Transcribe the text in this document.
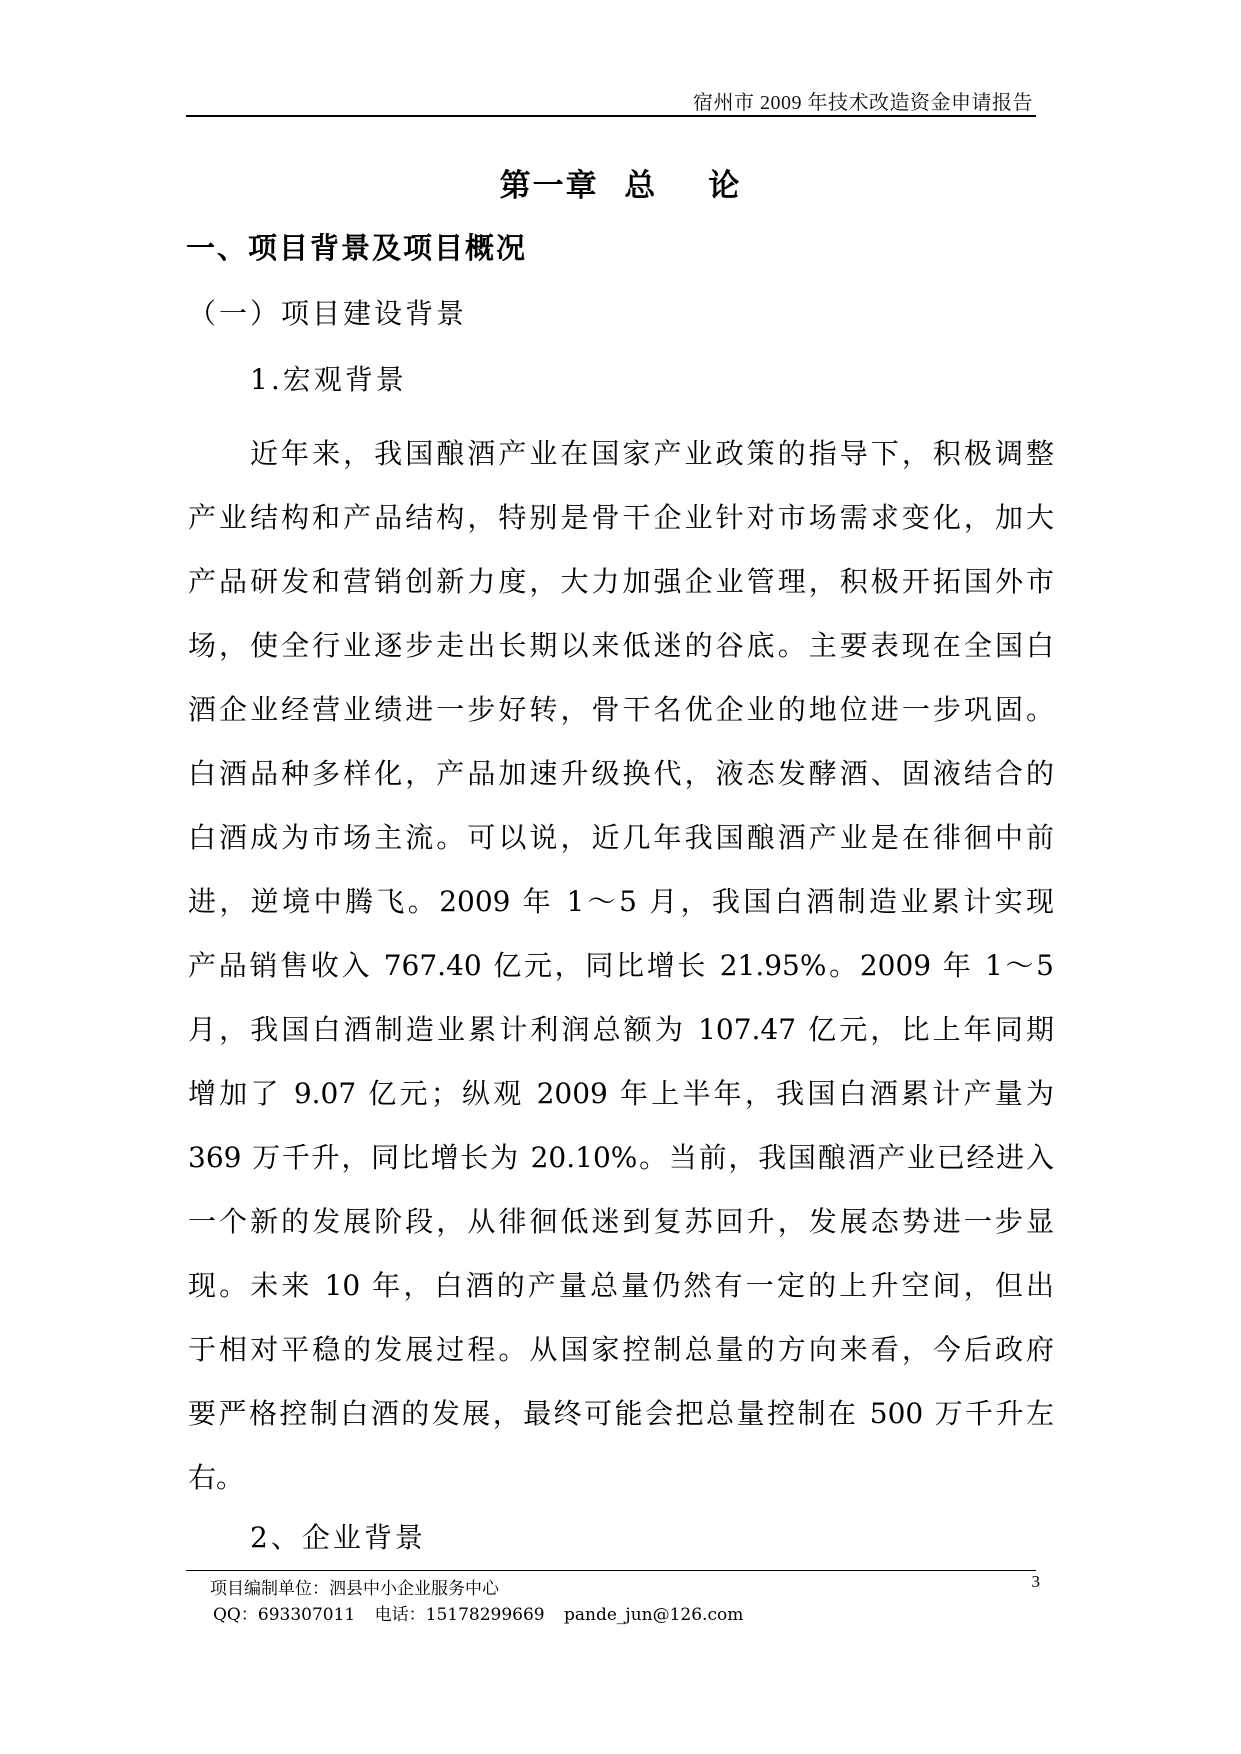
宿州市 2009 年技术改造资金申请报告
第一章  总    论
一、项目背景及项目概况
（一）项目建设背景
1.宏观背景
近年来，我国酿酒产业在国家产业政策的指导下，积极调整
产业结构和产品结构，特别是骨干企业针对市场需求变化，加大
产品研发和营销创新力度，大力加强企业管理，积极开拓国外市
场，使全行业逐步走出长期以来低迷的谷底。主要表现在全国白
酒企业经营业绩进一步好转，骨干名优企业的地位进一步巩固。
白酒品种多样化，产品加速升级换代，液态发酵酒、固液结合的
白酒成为市场主流。可以说，近几年我国酿酒产业是在徘徊中前
进，逆境中腾飞。2009 年 1～5 月，我国白酒制造业累计实现
产品销售收入 767.40 亿元，同比增长 21.95%。2009 年 1～5
月，我国白酒制造业累计利润总额为 107.47 亿元，比上年同期
增加了 9.07 亿元；纵观 2009 年上半年，我国白酒累计产量为
369 万千升，同比增长为 20.10%。当前，我国酿酒产业已经进入
一个新的发展阶段，从徘徊低迷到复苏回升，发展态势进一步显
现。未来 10 年，白酒的产量总量仍然有一定的上升空间，但出
于相对平稳的发展过程。从国家控制总量的方向来看，今后政府
要严格控制白酒的发展，最终可能会把总量控制在 500 万千升左
右。
2、企业背景
项目编制单位：泗县中小企业服务中心	3
QQ：693307011 电话：15178299669 pande_jun@126.com
